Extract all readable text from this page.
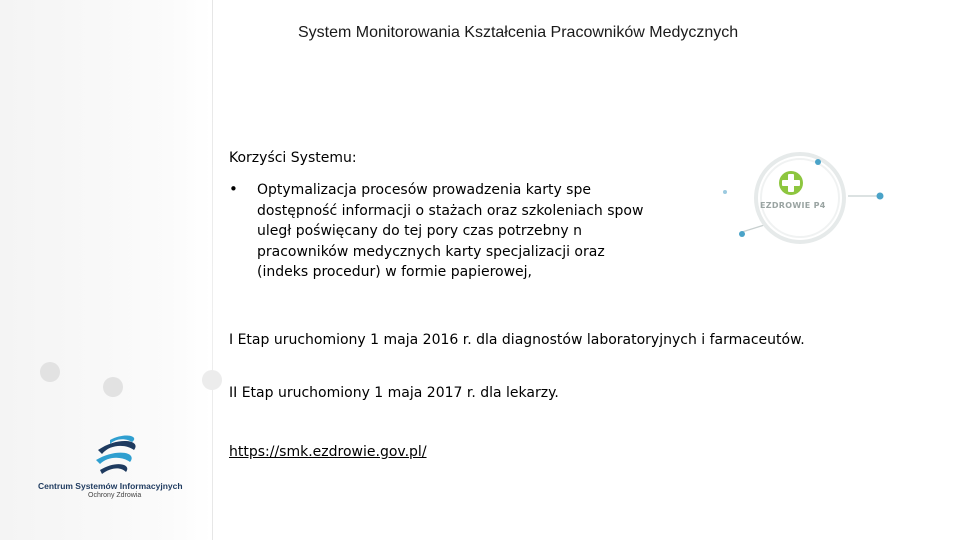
System Monitorowania Kształcenia Pracowników Medycznych
Korzyści Systemu:
• Optymalizacja procesów prowadzenia karty spe
dostępność informacji o stażach oraz szkoleniach spow
uległ poświęcany do tej pory czas potrzebny n
pracowników medycznych karty specjalizacji oraz
(indeks procedur) w formie papierowej,
I Etap uruchomiony 1 maja 2016 r. dla diagnostów laboratoryjnych i farmaceutów.
II Etap uruchomiony 1 maja 2017 r. dla lekarzy.
https://smk.ezdrowie.gov.pl/
EZDROWIE P4
Centrum Systemów Informacyjnych
Ochrony Zdrowia
